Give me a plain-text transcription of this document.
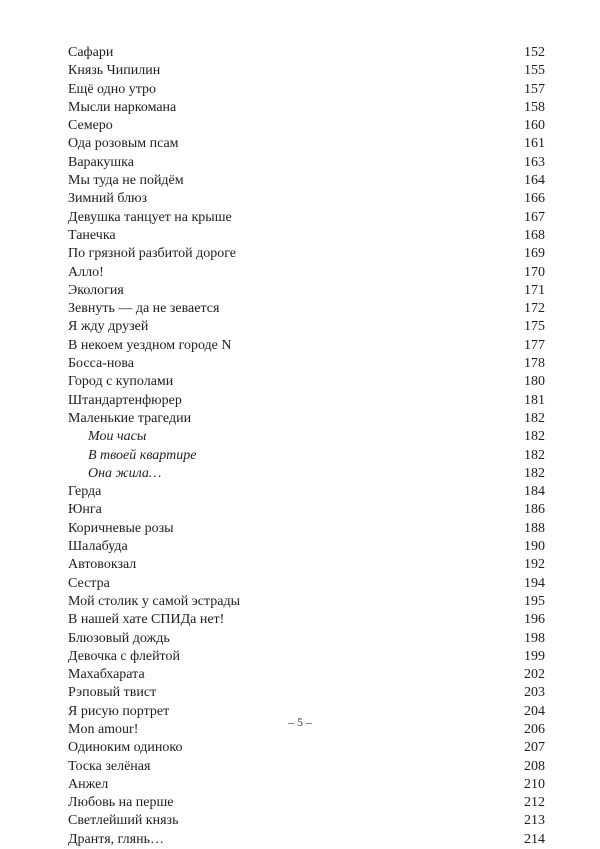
Сафари	152
Князь Чипилин	155
Ещё одно утро	157
Мысли наркомана	158
Семеро	160
Ода розовым псам	161
Варакушка	163
Мы туда не пойдём	164
Зимний блюз	166
Девушка танцует на крыше	167
Танечка	168
По грязной разбитой дороге	169
Алло!	170
Экология	171
Зевнуть — да не зевается	172
Я жду друзей	175
В некоем уездном городе N	177
Босса-нова	178
Город с куполами	180
Штандартенфюрер	181
Маленькие трагедии	182
Мои часы	182
В твоей квартире	182
Она жила…	182
Герда	184
Юнга	186
Коричневые розы	188
Шалабуда	190
Автовокзал	192
Сестра	194
Мой столик у самой эстрады	195
В нашей хате СПИДа нет!	196
Блюзовый дождь	198
Девочка с флейтой	199
Махабхарата	202
Рэповый твист	203
Я рисую портрет	204
Mon amour!	206
Одиноким одиноко	207
Тоска зелёная	208
Анжел	210
Любовь на перше	212
Светлейший князь	213
Дрантя, глянь…	214
– 5 –
